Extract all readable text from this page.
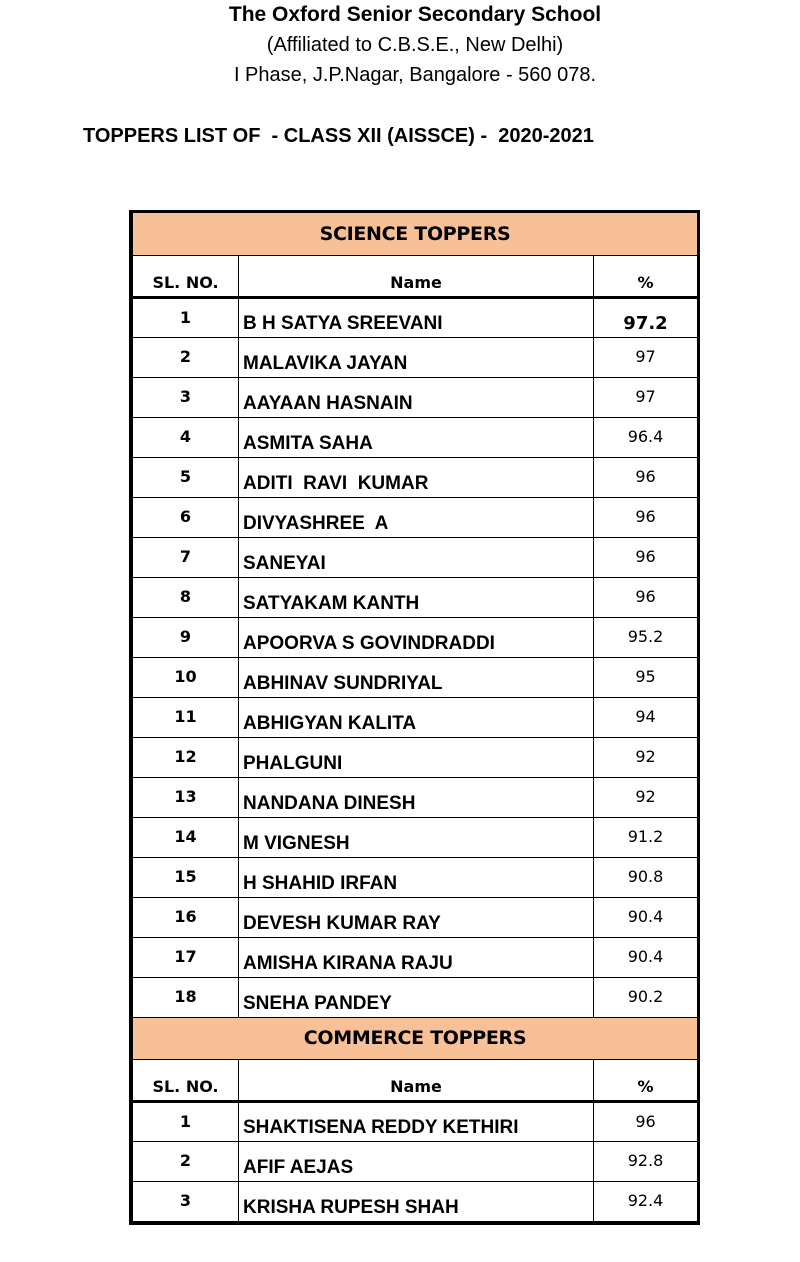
The Oxford Senior Secondary School
(Affiliated to C.B.S.E., New Delhi)
I Phase, J.P.Nagar, Bangalore - 560 078.
TOPPERS LIST OF  - CLASS XII (AISSCE) -  2020-2021
SCIENCE TOPPERS		
SL. NO.	Name	%
1	B H SATYA SREEVANI	97.2
2	MALAVIKA JAYAN	97
3	AAYAAN HASNAIN	97
4	ASMITA SAHA	96.4
5	ADITI  RAVI  KUMAR	96
6	DIVYASHREE  A	96
7	SANEYAI	96
8	SATYAKAM KANTH	96
9	APOORVA S GOVINDRADDI	95.2
10	ABHINAV SUNDRIYAL	95
11	ABHIGYAN KALITA	94
12	PHALGUNI	92
13	NANDANA DINESH	92
14	M VIGNESH	91.2
15	H SHAHID IRFAN	90.8
16	DEVESH KUMAR RAY	90.4
17	AMISHA KIRANA RAJU	90.4
18	SNEHA PANDEY	90.2
COMMERCE TOPPERS		
SL. NO.	Name	%
1	SHAKTISENA REDDY KETHIRI	96
2	AFIF AEJAS	92.8
3	KRISHA RUPESH SHAH	92.4
